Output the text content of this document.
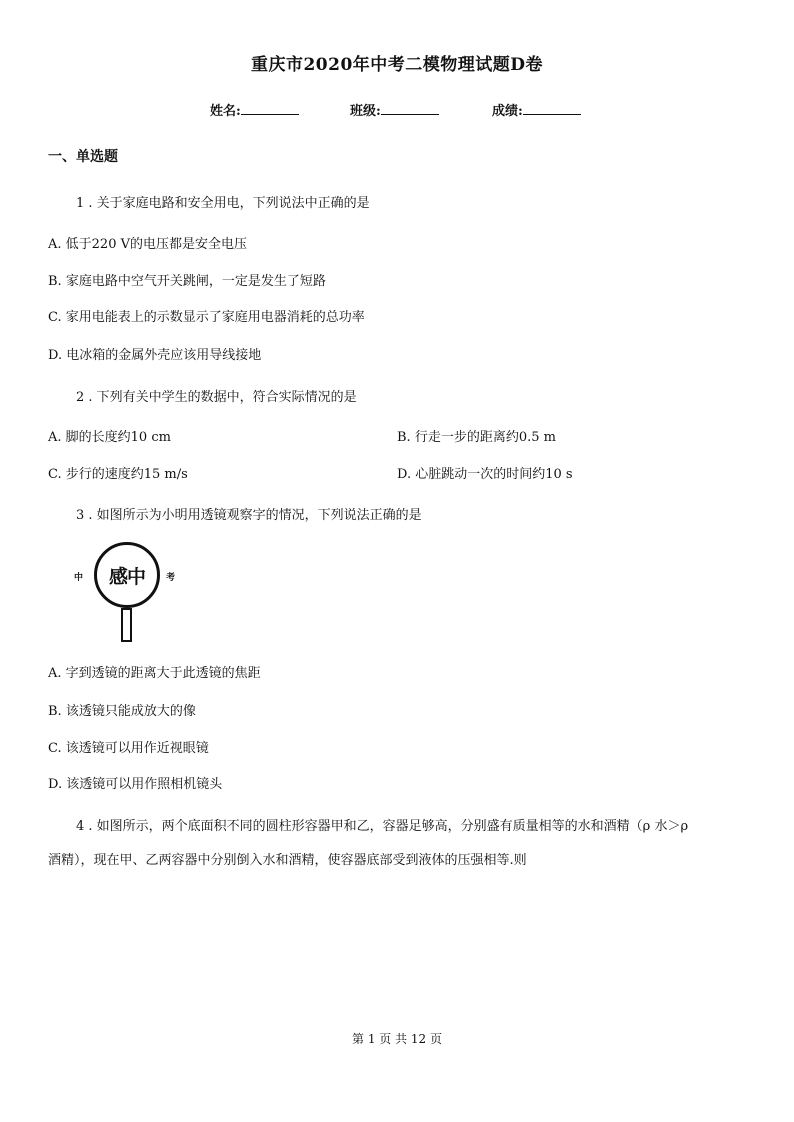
重庆市2020年中考二模物理试题D卷
姓名:	班级:	成绩:
一、单选题
1 . 关于家庭电路和安全用电，下列说法中正确的是
A. 低于220 V的电压都是安全电压
B. 家庭电路中空气开关跳闸，一定是发生了短路
C. 家用电能表上的示数显示了家庭用电器消耗的总功率
D. 电冰箱的金属外壳应该用导线接地
2 . 下列有关中学生的数据中，符合实际情况的是
A. 脚的长度约10 cm	B. 行走一步的距离约0.5 m
C. 步行的速度约15 m/s	D. 心脏跳动一次的时间约10 s
3 . 如图所示为小明用透镜观察字的情况，下列说法正确的是
中 感中 考
A. 字到透镜的距离大于此透镜的焦距
B. 该透镜只能成放大的像
C. 该透镜可以用作近视眼镜
D. 该透镜可以用作照相机镜头
4 . 如图所示，两个底面积不同的圆柱形容器甲和乙，容器足够高，分别盛有质量相等的水和酒精（ρ 水＞ρ
酒精），现在甲、乙两容器中分别倒入水和酒精，使容器底部受到液体的压强相等.则
第 1 页 共 12 页
